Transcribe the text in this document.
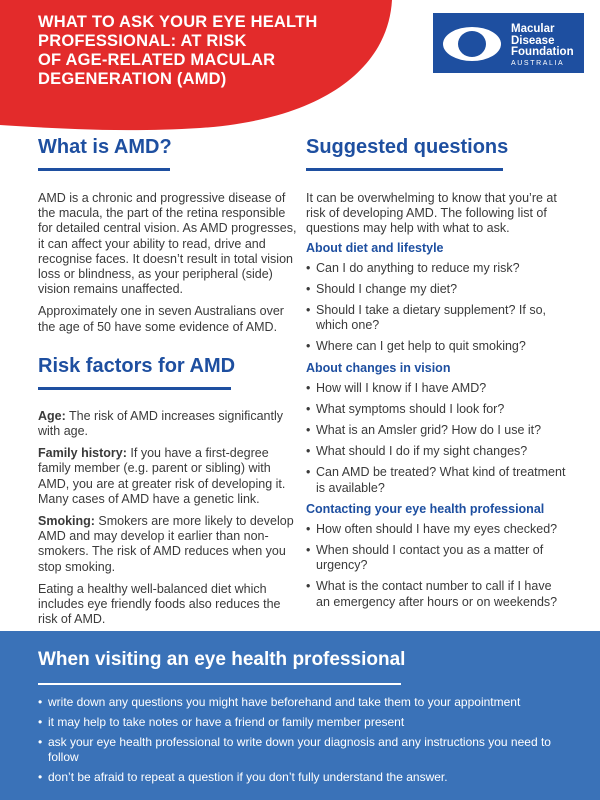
WHAT TO ASK YOUR EYE HEALTH
PROFESSIONAL: AT RISK
OF AGE-RELATED MACULAR
DEGENERATION (AMD)
Macular
Disease
Foundation
AUSTRALIA
What is AMD?

AMD is a chronic and progressive disease of the macula, the part of the retina responsible for detailed central vision. As AMD progresses, it can affect your ability to read, drive and recognise faces. It doesn’t result in total vision loss or blindness, as your peripheral (side) vision remains unaffected.

Approximately one in seven Australians over the age of 50 have some evidence of AMD.

Risk factors for AMD

Age: The risk of AMD increases significantly with age.

Family history: If you have a first-degree family member (e.g. parent or sibling) with AMD, you are at greater risk of developing it. Many cases of AMD have a genetic link.

Smoking: Smokers are more likely to develop AMD and may develop it earlier than non-smokers. The risk of AMD reduces when you stop smoking.

Eating a healthy well-balanced diet which includes eye friendly foods also reduces the risk of AMD.

Suggested questions

It can be overwhelming to know that you’re at risk of developing AMD. The following list of questions may help with what to ask.

About diet and lifestyle
• Can I do anything to reduce my risk?
• Should I change my diet?
• Should I take a dietary supplement? If so, which one?
• Where can I get help to quit smoking?
About changes in vision
• How will I know if I have AMD?
• What symptoms should I look for?
• What is an Amsler grid? How do I use it?
• What should I do if my sight changes?
• Can AMD be treated? What kind of treatment is available?
Contacting your eye health professional
• How often should I have my eyes checked?
• When should I contact you as a matter of urgency?
• What is the contact number to call if I have an emergency after hours or on weekends?
When visiting an eye health professional
• write down any questions you might have beforehand and take them to your appointment
• it may help to take notes or have a friend or family member present
• ask your eye health professional to write down your diagnosis and any instructions you need to follow
• don’t be afraid to repeat a question if you don’t fully understand the answer.
